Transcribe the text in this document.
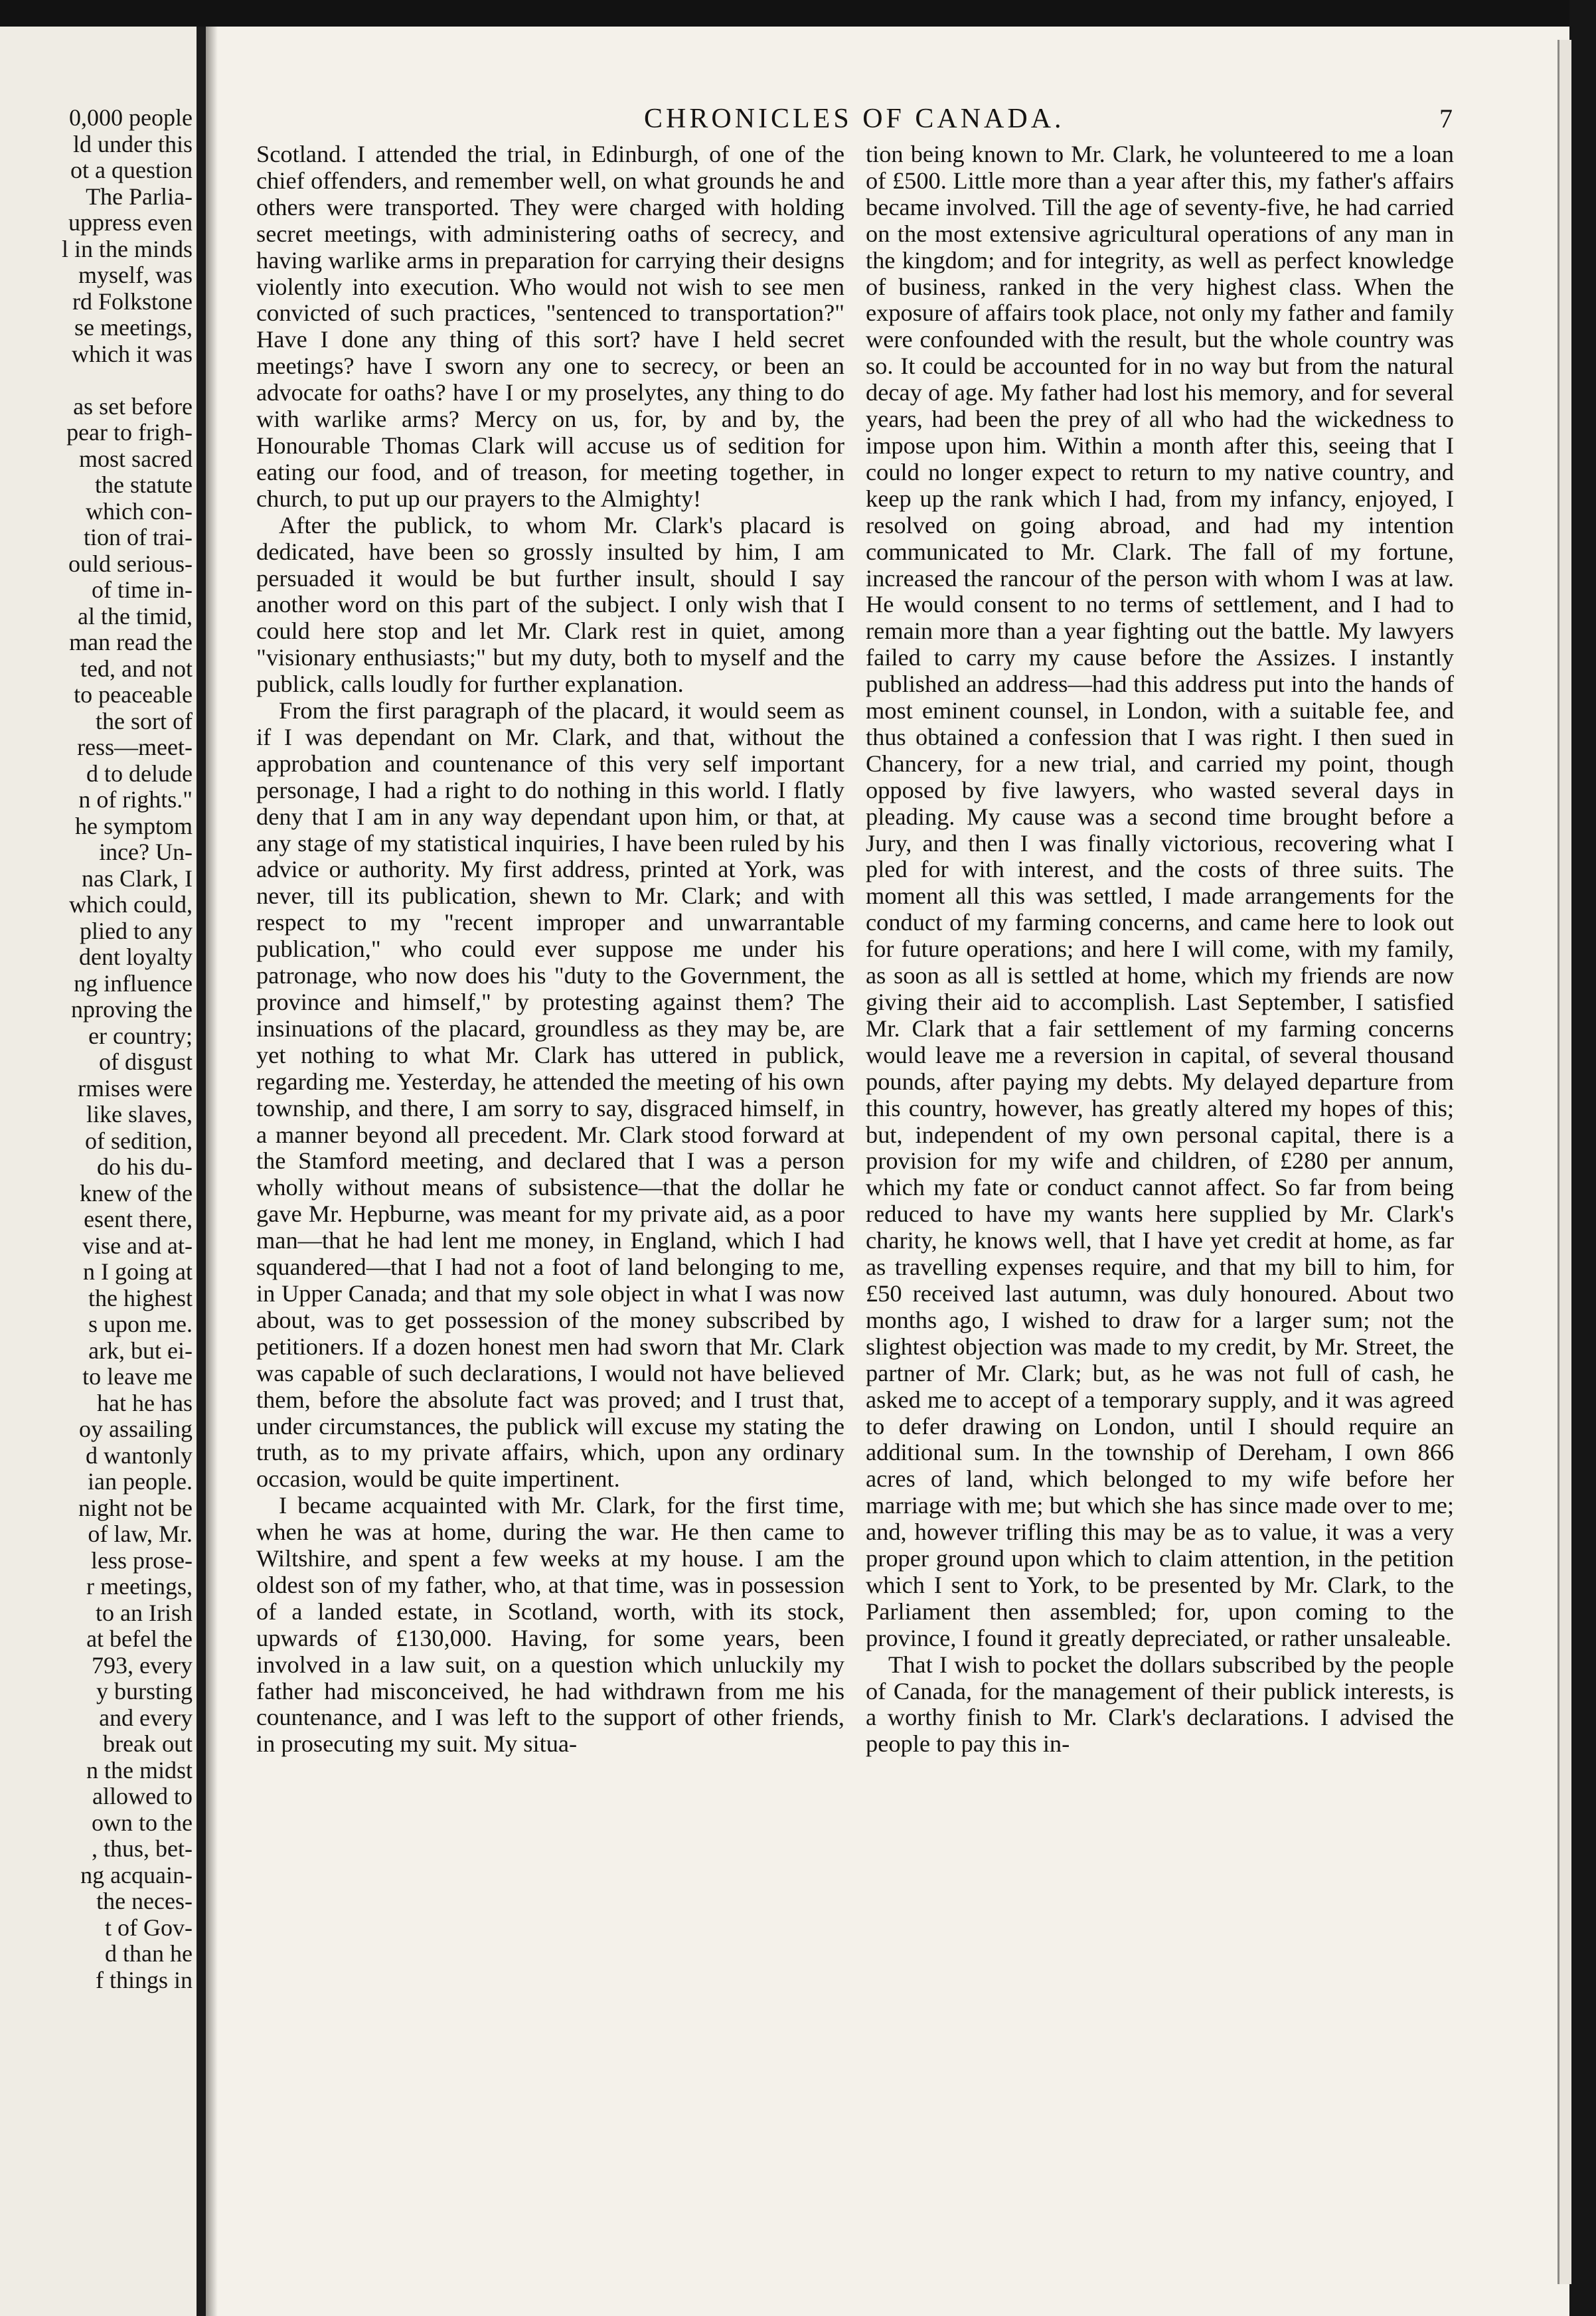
0,000 people
ld under this
ot a question
The Parlia-
uppress even
l in the minds
myself, was
rd Folkstone
se meetings,
which it was

as set before
pear to frigh-
most sacred
the statute
which con-
tion of trai-
ould serious-
of time in-
al the timid,
man read the
ted, and not
to peaceable
the sort of
ress—meet-
d to delude
n of rights."
he symptom
ince? Un-
nas Clark, I
which could,
plied to any
dent loyalty
ng influence
nproving the
er country;
of disgust
rmises were
like slaves,
of sedition,
do his du-
knew of the
esent there,
vise and at-
n I going at
the highest
s upon me.
ark, but ei-
to leave me
hat he has
oy assailing
d wantonly
ian people.
night not be
of law, Mr.
less prose-
r meetings,
to an Irish
at befel the
793, every
y bursting
and every
break out
n the midst
allowed to
own to the
, thus, bet-
ng acquain-
the neces-
t of Gov-
d than he
f things in
CHRONICLES OF CANADA.	7

Scotland. I attended the trial, in Edinburgh, of one of the chief offenders, and remember well, on what grounds he and others were transported. They were charged with holding secret meetings, with administering oaths of secrecy, and having warlike arms in preparation for carrying their designs violently into execution. Who would not wish to see men convicted of such practices, "sentenced to transportation?" Have I done any thing of this sort? have I held secret meetings? have I sworn any one to secrecy, or been an advocate for oaths? have I or my proselytes, any thing to do with warlike arms? Mercy on us, for, by and by, the Honourable Thomas Clark will accuse us of sedition for eating our food, and of treason, for meeting together, in church, to put up our prayers to the Almighty!

After the publick, to whom Mr. Clark's placard is dedicated, have been so grossly insulted by him, I am persuaded it would be but further insult, should I say another word on this part of the subject. I only wish that I could here stop and let Mr. Clark rest in quiet, among "visionary enthusiasts;" but my duty, both to myself and the publick, calls loudly for further explanation.

From the first paragraph of the placard, it would seem as if I was dependant on Mr. Clark, and that, without the approbation and countenance of this very self important personage, I had a right to do nothing in this world. I flatly deny that I am in any way dependant upon him, or that, at any stage of my statistical inquiries, I have been ruled by his advice or authority. My first address, printed at York, was never, till its publication, shewn to Mr. Clark; and with respect to my "recent improper and unwarrantable publication," who could ever suppose me under his patronage, who now does his "duty to the Government, the province and himself," by protesting against them? The insinuations of the placard, groundless as they may be, are yet nothing to what Mr. Clark has uttered in publick, regarding me. Yesterday, he attended the meeting of his own township, and there, I am sorry to say, disgraced himself, in a manner beyond all precedent. Mr. Clark stood forward at the Stamford meeting, and declared that I was a person wholly without means of subsistence—that the dollar he gave Mr. Hepburne, was meant for my private aid, as a poor man—that he had lent me money, in England, which I had squandered—that I had not a foot of land belonging to me, in Upper Canada; and that my sole object in what I was now about, was to get possession of the money subscribed by petitioners. If a dozen honest men had sworn that Mr. Clark was capable of such declarations, I would not have believed them, before the absolute fact was proved; and I trust that, under circumstances, the publick will excuse my stating the truth, as to my private affairs, which, upon any ordinary occasion, would be quite impertinent.

I became acquainted with Mr. Clark, for the first time, when he was at home, during the war. He then came to Wiltshire, and spent a few weeks at my house. I am the oldest son of my father, who, at that time, was in possession of a landed estate, in Scotland, worth, with its stock, upwards of £130,000. Having, for some years, been involved in a law suit, on a question which unluckily my father had misconceived, he had withdrawn from me his countenance, and I was left to the support of other friends, in prosecuting my suit. My situa-

tion being known to Mr. Clark, he volunteered to me a loan of £500. Little more than a year after this, my father's affairs became involved. Till the age of seventy-five, he had carried on the most extensive agricultural operations of any man in the kingdom; and for integrity, as well as perfect knowledge of business, ranked in the very highest class. When the exposure of affairs took place, not only my father and family were confounded with the result, but the whole country was so. It could be accounted for in no way but from the natural decay of age. My father had lost his memory, and for several years, had been the prey of all who had the wickedness to impose upon him. Within a month after this, seeing that I could no longer expect to return to my native country, and keep up the rank which I had, from my infancy, enjoyed, I resolved on going abroad, and had my intention communicated to Mr. Clark. The fall of my fortune, increased the rancour of the person with whom I was at law. He would consent to no terms of settlement, and I had to remain more than a year fighting out the battle. My lawyers failed to carry my cause before the Assizes. I instantly published an address—had this address put into the hands of most eminent counsel, in London, with a suitable fee, and thus obtained a confession that I was right. I then sued in Chancery, for a new trial, and carried my point, though opposed by five lawyers, who wasted several days in pleading. My cause was a second time brought before a Jury, and then I was finally victorious, recovering what I pled for with interest, and the costs of three suits. The moment all this was settled, I made arrangements for the conduct of my farming concerns, and came here to look out for future operations; and here I will come, with my family, as soon as all is settled at home, which my friends are now giving their aid to accomplish. Last September, I satisfied Mr. Clark that a fair settlement of my farming concerns would leave me a reversion in capital, of several thousand pounds, after paying my debts. My delayed departure from this country, however, has greatly altered my hopes of this; but, independent of my own personal capital, there is a provision for my wife and children, of £280 per annum, which my fate or conduct cannot affect. So far from being reduced to have my wants here supplied by Mr. Clark's charity, he knows well, that I have yet credit at home, as far as travelling expenses require, and that my bill to him, for £50 received last autumn, was duly honoured. About two months ago, I wished to draw for a larger sum; not the slightest objection was made to my credit, by Mr. Street, the partner of Mr. Clark; but, as he was not full of cash, he asked me to accept of a temporary supply, and it was agreed to defer drawing on London, until I should require an additional sum. In the township of Dereham, I own 866 acres of land, which belonged to my wife before her marriage with me; but which she has since made over to me; and, however trifling this may be as to value, it was a very proper ground upon which to claim attention, in the petition which I sent to York, to be presented by Mr. Clark, to the Parliament then assembled; for, upon coming to the province, I found it greatly depreciated, or rather unsaleable.

That I wish to pocket the dollars subscribed by the people of Canada, for the management of their publick interests, is a worthy finish to Mr. Clark's declarations. I advised the people to pay this in-
